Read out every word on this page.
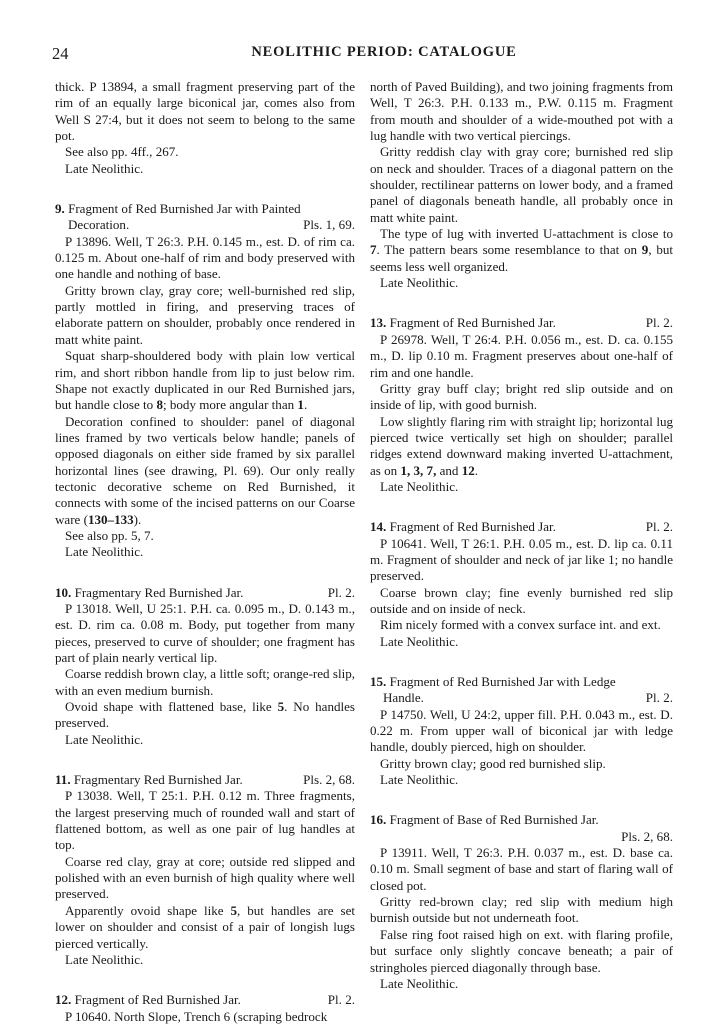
24	NEOLITHIC PERIOD: CATALOGUE

thick. P 13894, a small fragment preserving part of the rim of an equally large biconical jar, comes also from Well S 27:4, but it does not seem to belong to the same pot.

See also pp. 4ff., 267.

Late Neolithic.

9. Fragment of Red Burnished Jar with Painted

Decoration.	Pls. 1, 69.

P 13896. Well, T 26:3. P.H. 0.145 m., est. D. of rim ca. 0.125 m. About one-half of rim and body preserved with one handle and nothing of base.

Gritty brown clay, gray core; well-burnished red slip, partly mottled in firing, and preserving traces of elaborate pattern on shoulder, probably once rendered in matt white paint.

Squat sharp-shouldered body with plain low vertical rim, and short ribbon handle from lip to just below rim. Shape not exactly duplicated in our Red Burnished jars, but handle close to 8; body more angular than 1.

Decoration confined to shoulder: panel of diagonal lines framed by two verticals below handle; panels of opposed diagonals on either side framed by six parallel horizontal lines (see drawing, Pl. 69). Our only really tectonic decorative scheme on Red Burnished, it connects with some of the incised patterns on our Coarse ware (130–133).

See also pp. 5, 7.

Late Neolithic.

10. Fragmentary Red Burnished Jar.	Pl. 2.

P 13018. Well, U 25:1. P.H. ca. 0.095 m., D. 0.143 m., est. D. rim ca. 0.08 m. Body, put together from many pieces, preserved to curve of shoulder; one fragment has part of plain nearly vertical lip.

Coarse reddish brown clay, a little soft; orange-red slip, with an even medium burnish.

Ovoid shape with flattened base, like 5. No handles preserved.

Late Neolithic.

11. Fragmentary Red Burnished Jar.	Pls. 2, 68.

P 13038. Well, T 25:1. P.H. 0.12 m. Three fragments, the largest preserving much of rounded wall and start of flattened bottom, as well as one pair of lug handles at top.

Coarse red clay, gray at core; outside red slipped and polished with an even burnish of high quality where well preserved.

Apparently ovoid shape like 5, but handles are set lower on shoulder and consist of a pair of longish lugs pierced vertically.

Late Neolithic.

12. Fragment of Red Burnished Jar.	Pl. 2.

P 10640. North Slope, Trench 6 (scraping bedrock

north of Paved Building), and two joining fragments from Well, T 26:3. P.H. 0.133 m., P.W. 0.115 m. Fragment from mouth and shoulder of a wide-mouthed pot with a lug handle with two vertical piercings.

Gritty reddish clay with gray core; burnished red slip on neck and shoulder. Traces of a diagonal pattern on the shoulder, rectilinear patterns on lower body, and a framed panel of diagonals beneath handle, all probably once in matt white paint.

The type of lug with inverted U-attachment is close to 7. The pattern bears some resemblance to that on 9, but seems less well organized.

Late Neolithic.

13. Fragment of Red Burnished Jar.	Pl. 2.

P 26978. Well, T 26:4. P.H. 0.056 m., est. D. ca. 0.155 m., D. lip 0.10 m. Fragment preserves about one-half of rim and one handle.

Gritty gray buff clay; bright red slip outside and on inside of lip, with good burnish.

Low slightly flaring rim with straight lip; horizontal lug pierced twice vertically set high on shoulder; parallel ridges extend downward making inverted U-attachment, as on 1, 3, 7, and 12.

Late Neolithic.

14. Fragment of Red Burnished Jar.	Pl. 2.

P 10641. Well, T 26:1. P.H. 0.05 m., est. D. lip ca. 0.11 m. Fragment of shoulder and neck of jar like 1; no handle preserved.

Coarse brown clay; fine evenly burnished red slip outside and on inside of neck.

Rim nicely formed with a convex surface int. and ext.

Late Neolithic.

15. Fragment of Red Burnished Jar with Ledge

Handle.	Pl. 2.

P 14750. Well, U 24:2, upper fill. P.H. 0.043 m., est. D. 0.22 m. From upper wall of biconical jar with ledge handle, doubly pierced, high on shoulder.

Gritty brown clay; good red burnished slip.

Late Neolithic.

16. Fragment of Base of Red Burnished Jar.

Pls. 2, 68.

P 13911. Well, T 26:3. P.H. 0.037 m., est. D. base ca. 0.10 m. Small segment of base and start of flaring wall of closed pot.

Gritty red-brown clay; red slip with medium high burnish outside but not underneath foot.

False ring foot raised high on ext. with flaring profile, but surface only slightly concave beneath; a pair of stringholes pierced diagonally through base.

Late Neolithic.
